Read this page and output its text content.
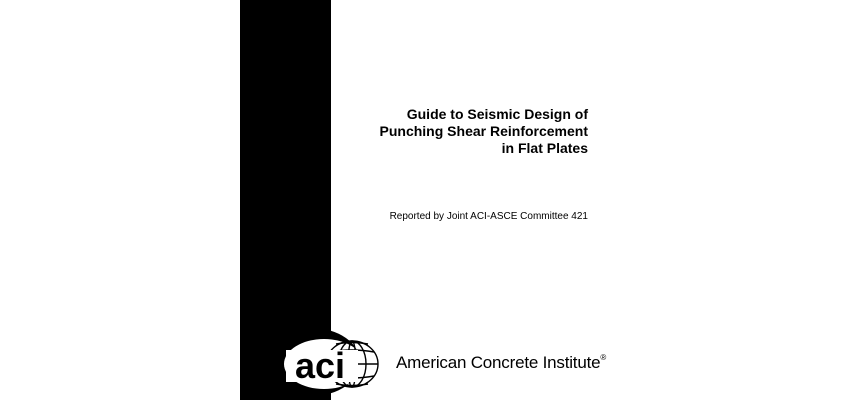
Guide to Seismic Design of
Punching Shear Reinforcement
in Flat Plates
Reported by Joint ACI-ASCE Committee 421
aci	American Concrete Institute®
